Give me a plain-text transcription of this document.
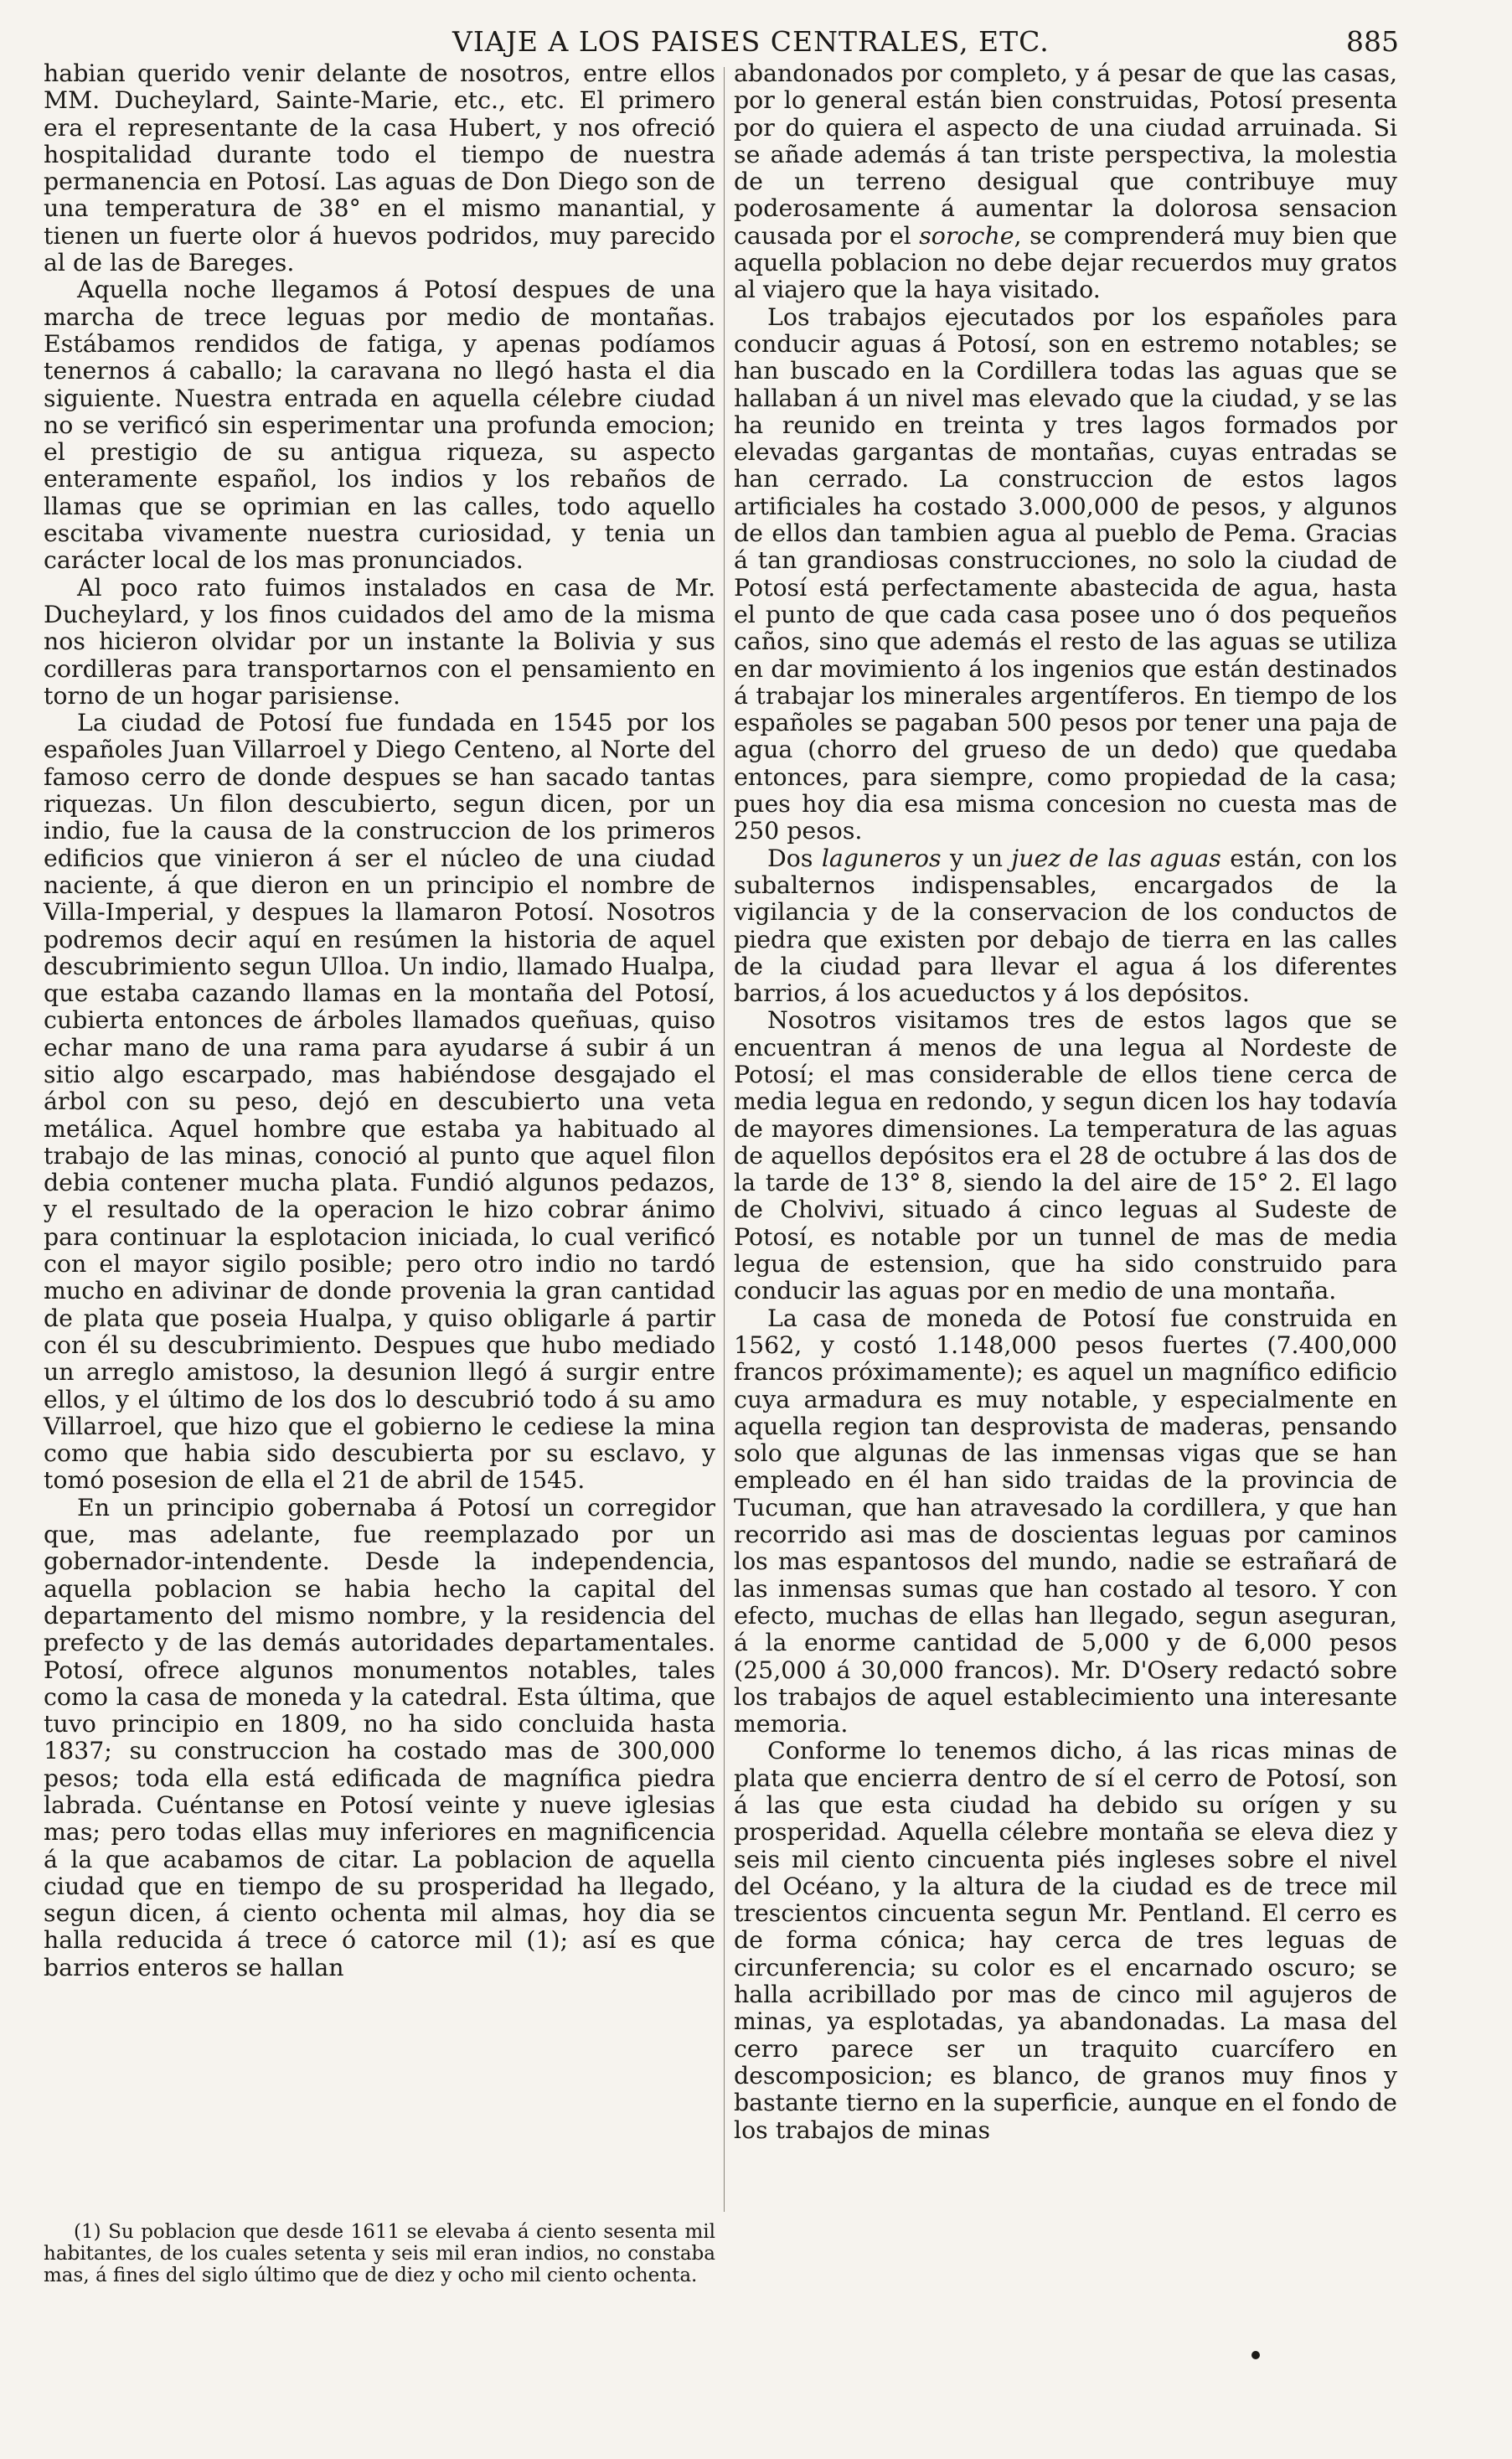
VIAJE A LOS PAISES CENTRALES, ETC.	885

habian querido venir delante de nosotros, entre ellos MM. Ducheylard, Sainte-Marie, etc., etc. El primero era el representante de la casa Hubert, y nos ofreció hospitalidad durante todo el tiempo de nuestra permanencia en Potosí. Las aguas de Don Diego son de una temperatura de 38° en el mismo manantial, y tienen un fuerte olor á huevos podridos, muy parecido al de las de Bareges.

Aquella noche llegamos á Potosí despues de una marcha de trece leguas por medio de montañas. Estábamos rendidos de fatiga, y apenas podíamos tenernos á caballo; la caravana no llegó hasta el dia siguiente. Nuestra entrada en aquella célebre ciudad no se verificó sin esperimentar una profunda emocion; el prestigio de su antigua riqueza, su aspecto enteramente español, los indios y los rebaños de llamas que se oprimian en las calles, todo aquello escitaba vivamente nuestra curiosidad, y tenia un carácter local de los mas pronunciados.

Al poco rato fuimos instalados en casa de Mr. Ducheylard, y los finos cuidados del amo de la misma nos hicieron olvidar por un instante la Bolivia y sus cordilleras para transportarnos con el pensamiento en torno de un hogar parisiense.

La ciudad de Potosí fue fundada en 1545 por los españoles Juan Villarroel y Diego Centeno, al Norte del famoso cerro de donde despues se han sacado tantas riquezas. Un filon descubierto, segun dicen, por un indio, fue la causa de la construccion de los primeros edificios que vinieron á ser el núcleo de una ciudad naciente, á que dieron en un principio el nombre de Villa-Imperial, y despues la llamaron Potosí. Nosotros podremos decir aquí en resúmen la historia de aquel descubrimiento segun Ulloa. Un indio, llamado Hualpa, que estaba cazando llamas en la montaña del Potosí, cubierta entonces de árboles llamados queñuas, quiso echar mano de una rama para ayudarse á subir á un sitio algo escarpado, mas habiéndose desgajado el árbol con su peso, dejó en descubierto una veta metálica. Aquel hombre que estaba ya habituado al trabajo de las minas, conoció al punto que aquel filon debia contener mucha plata. Fundió algunos pedazos, y el resultado de la operacion le hizo cobrar ánimo para continuar la esplotacion iniciada, lo cual verificó con el mayor sigilo posible; pero otro indio no tardó mucho en adivinar de donde provenia la gran cantidad de plata que poseia Hualpa, y quiso obligarle á partir con él su descubrimiento. Despues que hubo mediado un arreglo amistoso, la desunion llegó á surgir entre ellos, y el último de los dos lo descubrió todo á su amo Villarroel, que hizo que el gobierno le cediese la mina como que habia sido descubierta por su esclavo, y tomó posesion de ella el 21 de abril de 1545.

En un principio gobernaba á Potosí un corregidor que, mas adelante, fue reemplazado por un gobernador-intendente. Desde la independencia, aquella poblacion se habia hecho la capital del departamento del mismo nombre, y la residencia del prefecto y de las demás autoridades departamentales. Potosí, ofrece algunos monumentos notables, tales como la casa de moneda y la catedral. Esta última, que tuvo principio en 1809, no ha sido concluida hasta 1837; su construccion ha costado mas de 300,000 pesos; toda ella está edificada de magnífica piedra labrada. Cuéntanse en Potosí veinte y nueve iglesias mas; pero todas ellas muy inferiores en magnificencia á la que acabamos de citar. La poblacion de aquella ciudad que en tiempo de su prosperidad ha llegado, segun dicen, á ciento ochenta mil almas, hoy dia se halla reducida á trece ó catorce mil (1); así es que barrios enteros se hallan

(1) Su poblacion que desde 1611 se elevaba á ciento sesenta mil habitantes, de los cuales setenta y seis mil eran indios, no constaba mas, á fines del siglo último que de diez y ocho mil ciento ochenta.

abandonados por completo, y á pesar de que las casas, por lo general están bien construidas, Potosí presenta por do quiera el aspecto de una ciudad arruinada. Si se añade además á tan triste perspectiva, la molestia de un terreno desigual que contribuye muy poderosamente á aumentar la dolorosa sensacion causada por el soroche, se comprenderá muy bien que aquella poblacion no debe dejar recuerdos muy gratos al viajero que la haya visitado.

Los trabajos ejecutados por los españoles para conducir aguas á Potosí, son en estremo notables; se han buscado en la Cordillera todas las aguas que se hallaban á un nivel mas elevado que la ciudad, y se las ha reunido en treinta y tres lagos formados por elevadas gargantas de montañas, cuyas entradas se han cerrado. La construccion de estos lagos artificiales ha costado 3.000,000 de pesos, y algunos de ellos dan tambien agua al pueblo de Pema. Gracias á tan grandiosas construcciones, no solo la ciudad de Potosí está perfectamente abastecida de agua, hasta el punto de que cada casa posee uno ó dos pequeños caños, sino que además el resto de las aguas se utiliza en dar movimiento á los ingenios que están destinados á trabajar los minerales argentíferos. En tiempo de los españoles se pagaban 500 pesos por tener una paja de agua (chorro del grueso de un dedo) que quedaba entonces, para siempre, como propiedad de la casa; pues hoy dia esa misma concesion no cuesta mas de 250 pesos.

Dos laguneros y un juez de las aguas están, con los subalternos indispensables, encargados de la vigilancia y de la conservacion de los conductos de piedra que existen por debajo de tierra en las calles de la ciudad para llevar el agua á los diferentes barrios, á los acueductos y á los depósitos.

Nosotros visitamos tres de estos lagos que se encuentran á menos de una legua al Nordeste de Potosí; el mas considerable de ellos tiene cerca de media legua en redondo, y segun dicen los hay todavía de mayores dimensiones. La temperatura de las aguas de aquellos depósitos era el 28 de octubre á las dos de la tarde de 13° 8, siendo la del aire de 15° 2. El lago de Cholvivi, situado á cinco leguas al Sudeste de Potosí, es notable por un tunnel de mas de media legua de estension, que ha sido construido para conducir las aguas por en medio de una montaña.

La casa de moneda de Potosí fue construida en 1562, y costó 1.148,000 pesos fuertes (7.400,000 francos próximamente); es aquel un magnífico edificio cuya armadura es muy notable, y especialmente en aquella region tan desprovista de maderas, pensando solo que algunas de las inmensas vigas que se han empleado en él han sido traidas de la provincia de Tucuman, que han atravesado la cordillera, y que han recorrido asi mas de doscientas leguas por caminos los mas espantosos del mundo, nadie se estrañará de las inmensas sumas que han costado al tesoro. Y con efecto, muchas de ellas han llegado, segun aseguran, á la enorme cantidad de 5,000 y de 6,000 pesos (25,000 á 30,000 francos). Mr. D'Osery redactó sobre los trabajos de aquel establecimiento una interesante memoria.

Conforme lo tenemos dicho, á las ricas minas de plata que encierra dentro de sí el cerro de Potosí, son á las que esta ciudad ha debido su orígen y su prosperidad. Aquella célebre montaña se eleva diez y seis mil ciento cincuenta piés ingleses sobre el nivel del Océano, y la altura de la ciudad es de trece mil trescientos cincuenta segun Mr. Pentland. El cerro es de forma cónica; hay cerca de tres leguas de circunferencia; su color es el encarnado oscuro; se halla acribillado por mas de cinco mil agujeros de minas, ya esplotadas, ya abandonadas. La masa del cerro parece ser un traquito cuarcífero en descomposicion; es blanco, de granos muy finos y bastante tierno en la superficie, aunque en el fondo de los trabajos de minas
